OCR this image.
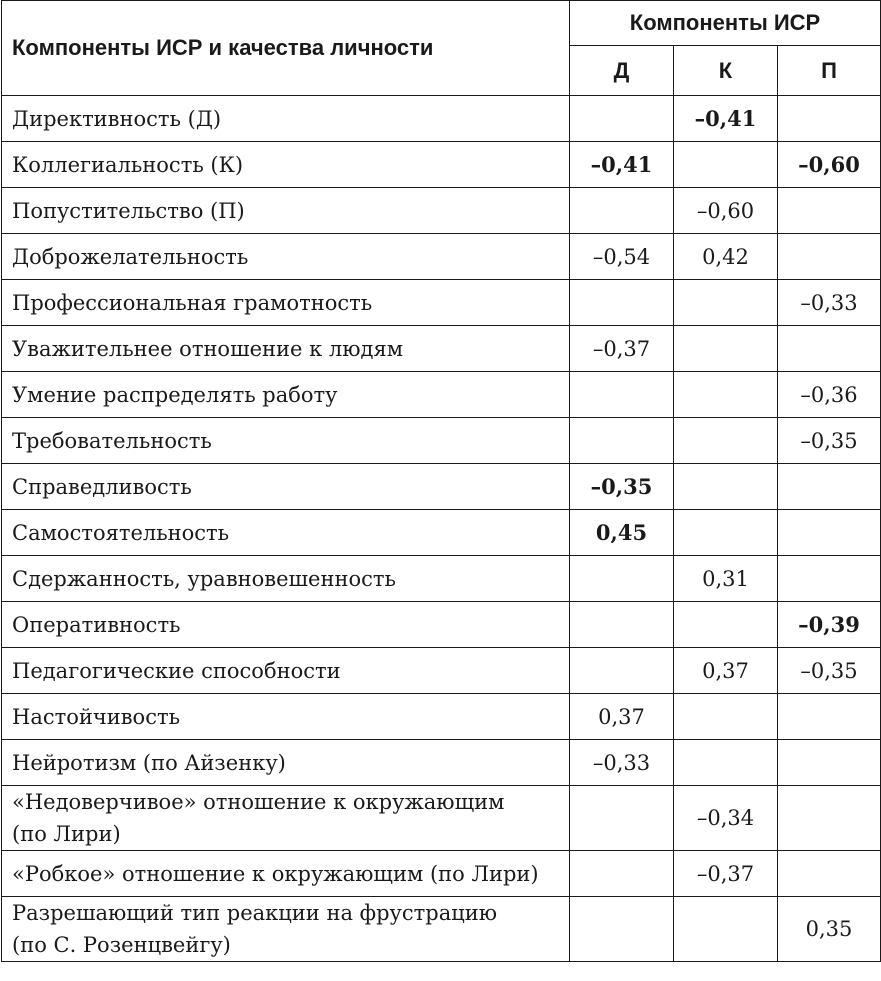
Компоненты ИСР и качества личности	Компоненты ИСР		
	Д	К	П
Директивность (Д)		–0,41	
Коллегиальность (К)	–0,41		–0,60
Попустительство (П)		–0,60	
Доброжелательность	–0,54	0,42	
Профессиональная грамотность			–0,33
Уважительнее отношение к людям	–0,37		
Умение распределять работу			–0,36
Требовательность			–0,35
Справедливость	–0,35		
Самостоятельность	0,45		
Сдержанность, уравновешенность		0,31	
Оперативность			–0,39
Педагогические способности		0,37	–0,35
Настойчивость	0,37		
Нейротизм (по Айзенку)	–0,33		
«Недоверчивое» отношение к окружающим
(по Лири)		–0,34	
«Робкое» отношение к окружающим (по Лири)		–0,37	
Разрешающий тип реакции на фрустрацию
(по С. Розенцвейгу)			0,35
